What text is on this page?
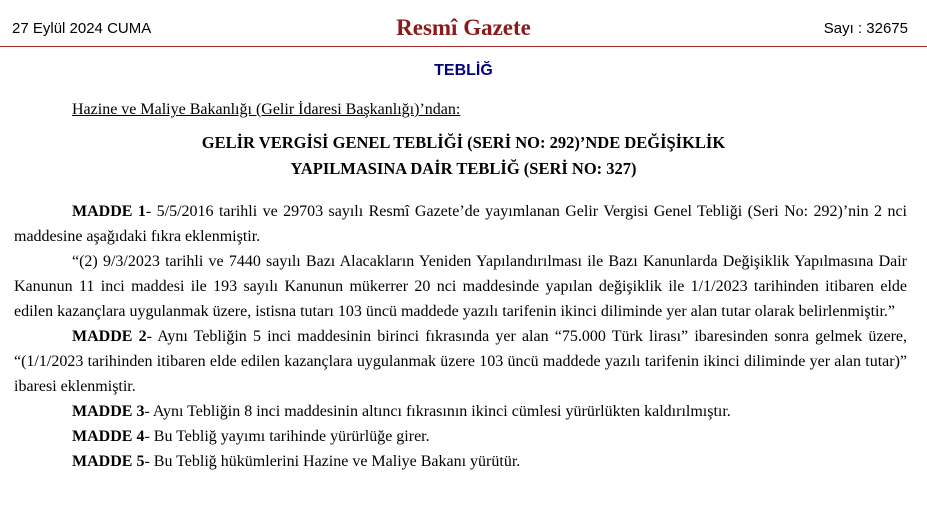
27 Eylül 2024 CUMA	Resmî Gazete	Sayı : 32675
TEBLİĞ
Hazine ve Maliye Bakanlığı (Gelir İdaresi Başkanlığı)’ndan:
GELİR VERGİSİ GENEL TEBLİĞİ (SERİ NO: 292)’NDE DEĞİŞİKLİK
YAPILMASINA DAİR TEBLİĞ (SERİ NO: 327)

MADDE 1- 5/5/2016 tarihli ve 29703 sayılı Resmî Gazete’de yayımlanan Gelir Vergisi Genel Tebliği (Seri No: 292)’nin 2 nci maddesine aşağıdaki fıkra eklenmiştir.

“(2) 9/3/2023 tarihli ve 7440 sayılı Bazı Alacakların Yeniden Yapılandırılması ile Bazı Kanunlarda Değişiklik Yapılmasına Dair Kanunun 11 inci maddesi ile 193 sayılı Kanunun mükerrer 20 nci maddesinde yapılan değişiklik ile 1/1/2023 tarihinden itibaren elde edilen kazançlara uygulanmak üzere, istisna tutarı 103 üncü maddede yazılı tarifenin ikinci diliminde yer alan tutar olarak belirlenmiştir.”

MADDE 2- Aynı Tebliğin 5 inci maddesinin birinci fıkrasında yer alan “75.000 Türk lirası” ibaresinden sonra gelmek üzere, “(1/1/2023 tarihinden itibaren elde edilen kazançlara uygulanmak üzere 103 üncü maddede yazılı tarifenin ikinci diliminde yer alan tutar)” ibaresi eklenmiştir.

MADDE 3- Aynı Tebliğin 8 inci maddesinin altıncı fıkrasının ikinci cümlesi yürürlükten kaldırılmıştır.

MADDE 4- Bu Tebliğ yayımı tarihinde yürürlüğe girer.

MADDE 5- Bu Tebliğ hükümlerini Hazine ve Maliye Bakanı yürütür.
